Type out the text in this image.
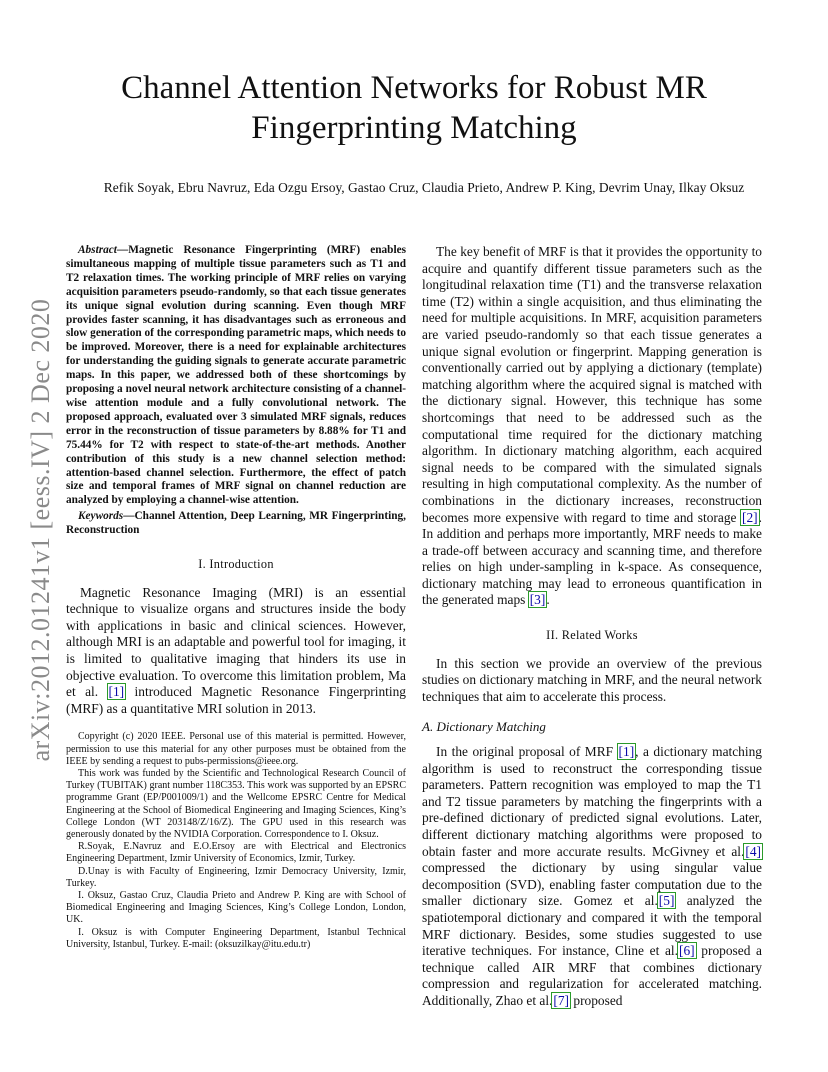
arXiv:2012.01241v1 [eess.IV] 2 Dec 2020
Channel Attention Networks for Robust MR
Fingerprinting Matching
Refik Soyak, Ebru Navruz, Eda Ozgu Ersoy, Gastao Cruz, Claudia Prieto, Andrew P. King, Devrim Unay, Ilkay Oksuz

Abstract—Magnetic Resonance Fingerprinting (MRF) enables simultaneous mapping of multiple tissue parameters such as T1 and T2 relaxation times. The working principle of MRF relies on varying acquisition parameters pseudo-randomly, so that each tissue generates its unique signal evolution during scanning. Even though MRF provides faster scanning, it has disadvantages such as erroneous and slow generation of the corresponding parametric maps, which needs to be improved. Moreover, there is a need for explainable architectures for understanding the guiding signals to generate accurate parametric maps. In this paper, we addressed both of these shortcomings by proposing a novel neural network architecture consisting of a channel-wise attention module and a fully convolutional network. The proposed approach, evaluated over 3 simulated MRF signals, reduces error in the reconstruction of tissue parameters by 8.88% for T1 and 75.44% for T2 with respect to state-of-the-art methods. Another contribution of this study is a new channel selection method: attention-based channel selection. Furthermore, the effect of patch size and temporal frames of MRF signal on channel reduction are analyzed by employing a channel-wise attention.

Keywords—Channel Attention, Deep Learning, MR Fingerprinting, Reconstruction

I. Introduction

Magnetic Resonance Imaging (MRI) is an essential technique to visualize organs and structures inside the body with applications in basic and clinical sciences. However, although MRI is an adaptable and powerful tool for imaging, it is limited to qualitative imaging that hinders its use in objective evaluation. To overcome this limitation problem, Ma et al. [1] introduced Magnetic Resonance Fingerprinting (MRF) as a quantitative MRI solution in 2013.

Copyright (c) 2020 IEEE. Personal use of this material is permitted. However, permission to use this material for any other purposes must be obtained from the IEEE by sending a request to pubs-permissions@ieee.org.

This work was funded by the Scientific and Technological Research Council of Turkey (TUBITAK) grant number 118C353. This work was supported by an EPSRC programme Grant (EP/P001009/1) and the Wellcome EPSRC Centre for Medical Engineering at the School of Biomedical Engineering and Imaging Sciences, King’s College London (WT 203148/Z/16/Z). The GPU used in this research was generously donated by the NVIDIA Corporation. Correspondence to I. Oksuz.

R.Soyak, E.Navruz and E.O.Ersoy are with Electrical and Electronics Engineering Department, Izmir University of Economics, Izmir, Turkey.

D.Unay is with Faculty of Engineering, Izmir Democracy University, Izmir, Turkey.

I. Oksuz, Gastao Cruz, Claudia Prieto and Andrew P. King are with School of Biomedical Engineering and Imaging Sciences, King’s College London, London, UK.

I. Oksuz is with Computer Engineering Department, Istanbul Technical University, Istanbul, Turkey. E-mail: (oksuzilkay@itu.edu.tr)

The key benefit of MRF is that it provides the opportunity to acquire and quantify different tissue parameters such as the longitudinal relaxation time (T1) and the transverse relaxation time (T2) within a single acquisition, and thus eliminating the need for multiple acquisitions. In MRF, acquisition parameters are varied pseudo-randomly so that each tissue generates a unique signal evolution or fingerprint. Mapping generation is conventionally carried out by applying a dictionary (template) matching algorithm where the acquired signal is matched with the dictionary signal. However, this technique has some shortcomings that need to be addressed such as the computational time required for the dictionary matching algorithm. In dictionary matching algorithm, each acquired signal needs to be compared with the simulated signals resulting in high computational complexity. As the number of combinations in the dictionary increases, reconstruction becomes more expensive with regard to time and storage [2]. In addition and perhaps more importantly, MRF needs to make a trade-off between accuracy and scanning time, and therefore relies on high under-sampling in k-space. As consequence, dictionary matching may lead to erroneous quantification in the generated maps [3].

II. Related Works

In this section we provide an overview of the previous studies on dictionary matching in MRF, and the neural network techniques that aim to accelerate this process.

A. Dictionary Matching

In the original proposal of MRF [1], a dictionary matching algorithm is used to reconstruct the corresponding tissue parameters. Pattern recognition was employed to map the T1 and T2 tissue parameters by matching the fingerprints with a pre-defined dictionary of predicted signal evolutions. Later, different dictionary matching algorithms were proposed to obtain faster and more accurate results. McGivney et al.[4] compressed the dictionary by using singular value decomposition (SVD), enabling faster computation due to the smaller dictionary size. Gomez et al.[5] analyzed the spatiotemporal dictionary and compared it with the temporal MRF dictionary. Besides, some studies suggested to use iterative techniques. For instance, Cline et al.[6] proposed a technique called AIR MRF that combines dictionary compression and regularization for accelerated matching. Additionally, Zhao et al.[7] proposed
